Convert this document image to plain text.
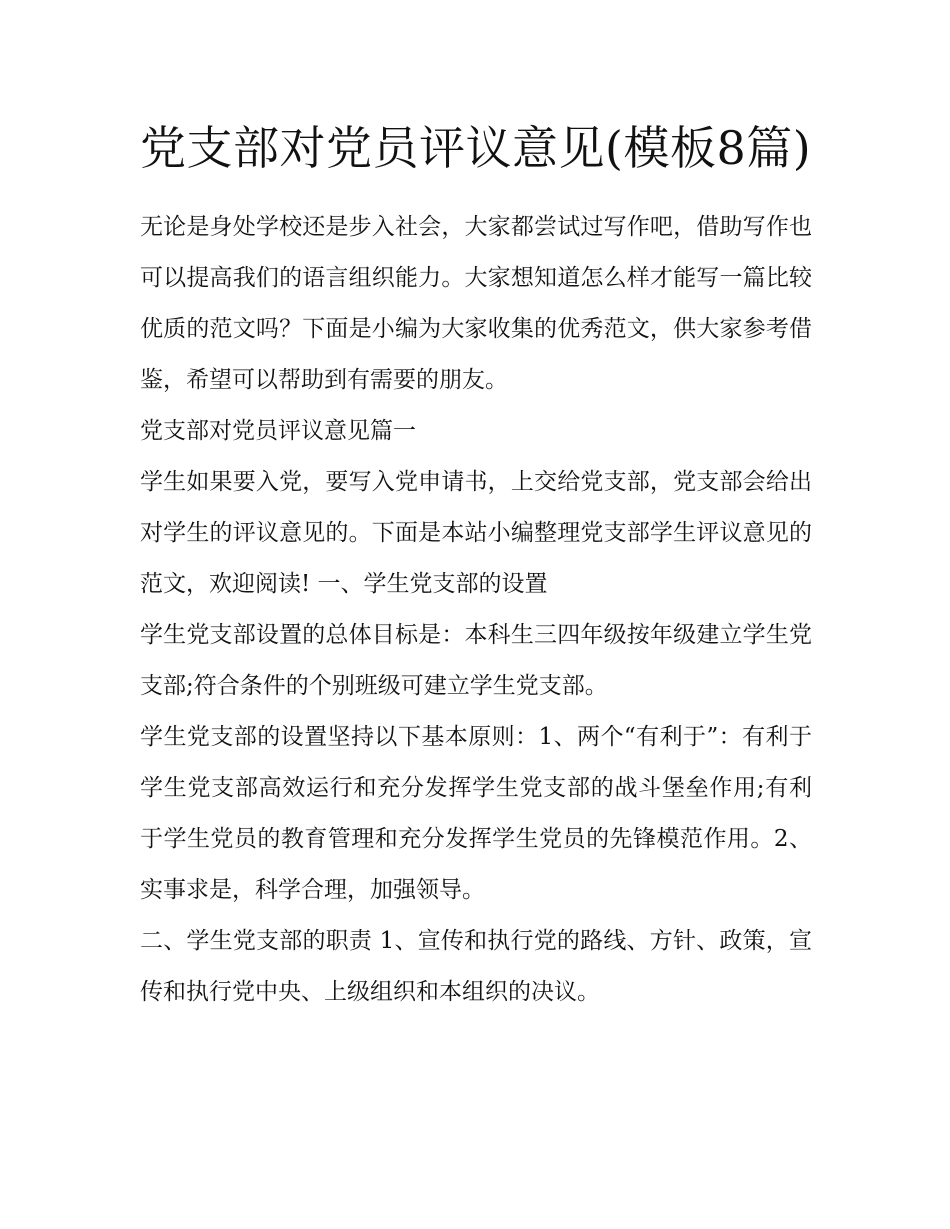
党支部对党员评议意见(模板8篇)

无论是身处学校还是步入社会，大家都尝试过写作吧，借助写作也可以提高我们的语言组织能力。大家想知道怎么样才能写一篇比较优质的范文吗？下面是小编为大家收集的优秀范文，供大家参考借鉴，希望可以帮助到有需要的朋友。

党支部对党员评议意见篇一

学生如果要入党，要写入党申请书，上交给党支部，党支部会给出对学生的评议意见的。下面是本站小编整理党支部学生评议意见的范文，欢迎阅读! 一、学生党支部的设置

学生党支部设置的总体目标是：本科生三四年级按年级建立学生党支部;符合条件的个别班级可建立学生党支部。

学生党支部的设置坚持以下基本原则：1、两个“有利于”：有利于学生党支部高效运行和充分发挥学生党支部的战斗堡垒作用;有利于学生党员的教育管理和充分发挥学生党员的先锋模范作用。2、实事求是，科学合理，加强领导。

二、学生党支部的职责 1、宣传和执行党的路线、方针、政策，宣传和执行党中央、上级组织和本组织的决议。
